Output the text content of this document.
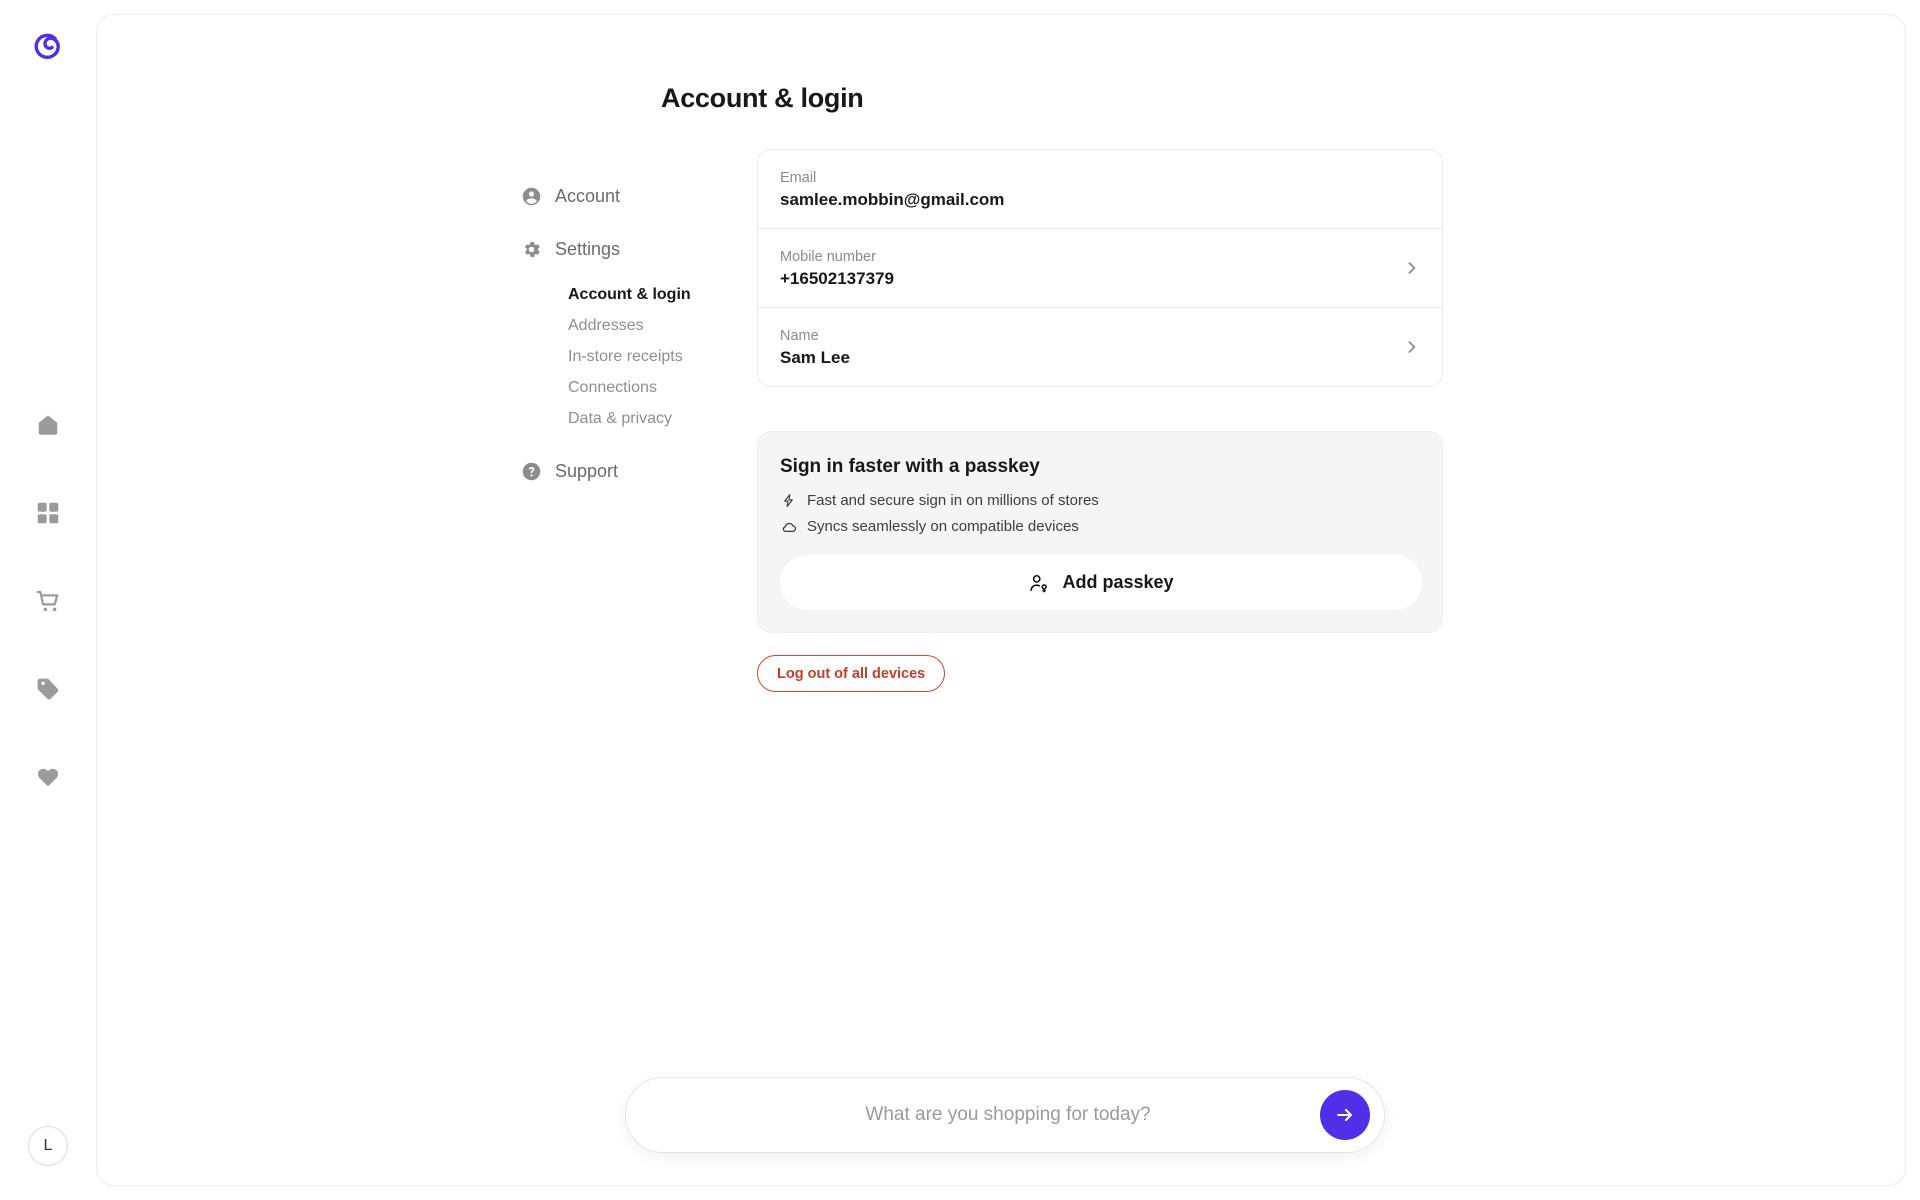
L
Account & login
Account
Settings
Account & login
Addresses
In-store receipts
Connections
Data & privacy
Support
Email
samlee.mobbin@gmail.com
Mobile number
+16502137379
Name
Sam Lee
Sign in faster with a passkey
Fast and secure sign in on millions of stores
Syncs seamlessly on compatible devices
Add passkey
Log out of all devices
What are you shopping for today?
